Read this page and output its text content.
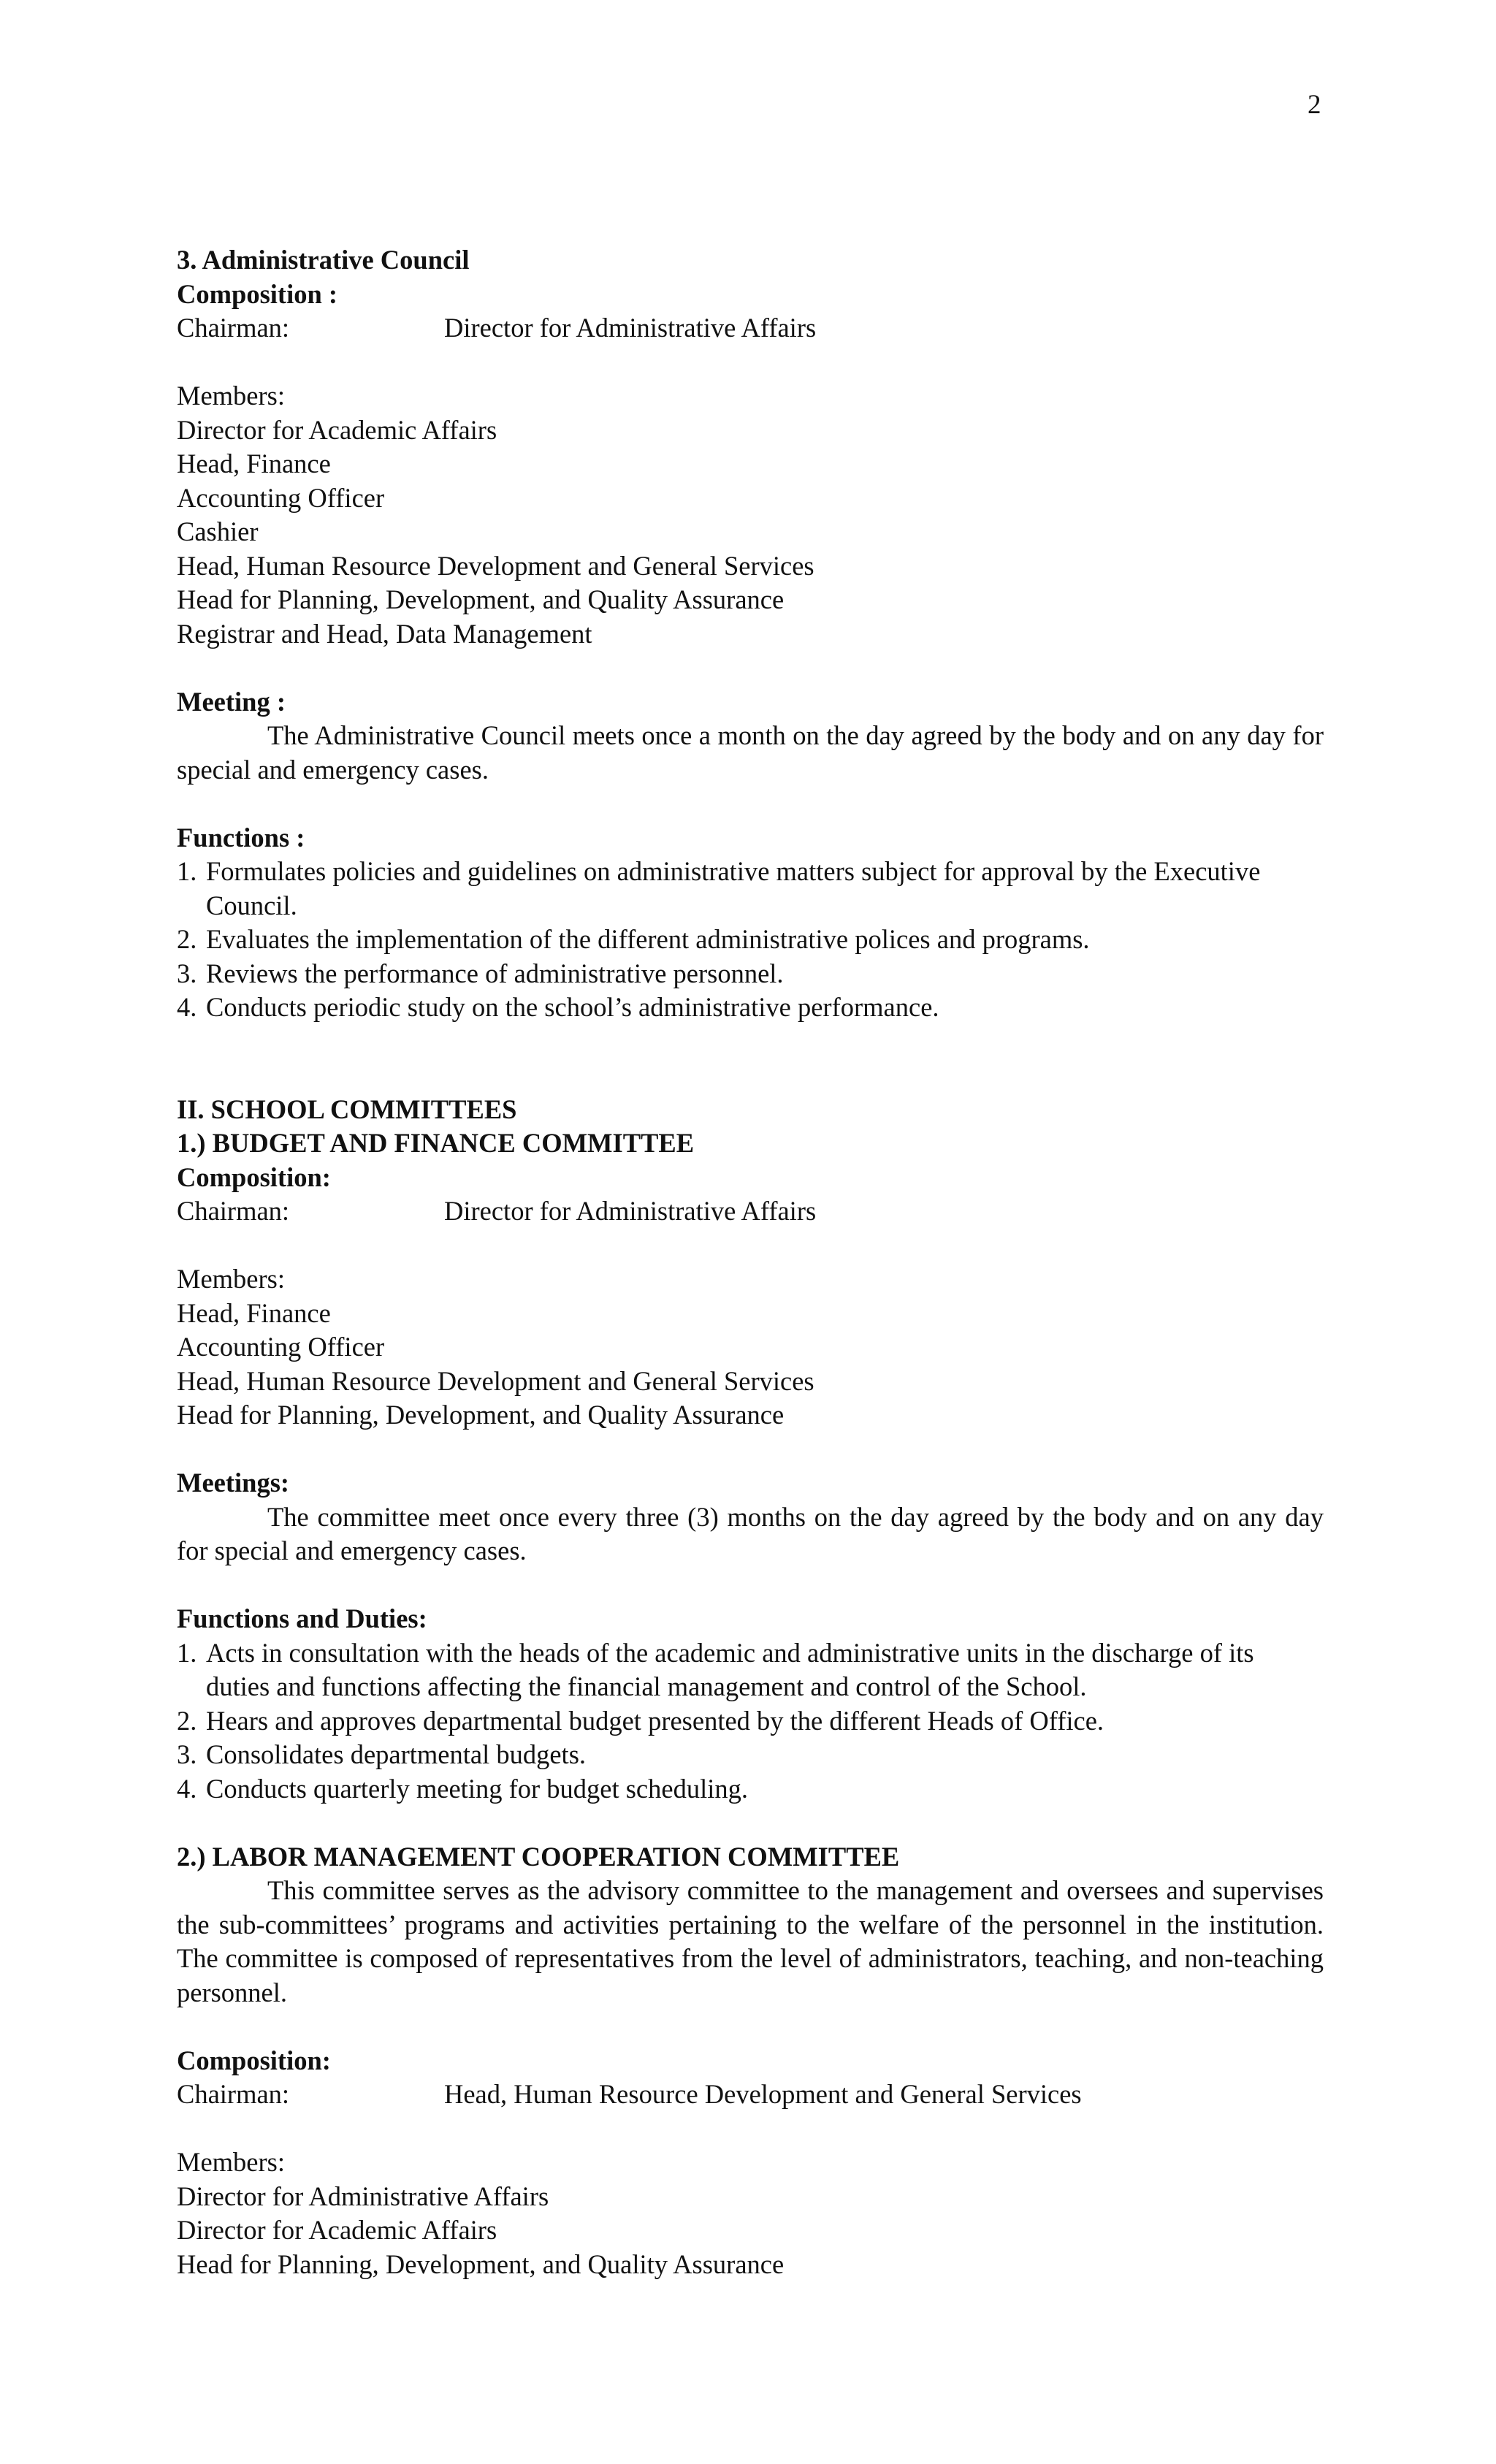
2
3. Administrative Council
Composition :
Chairman:	Director for Administrative Affairs
Members:
Director for Academic Affairs
Head, Finance
Accounting Officer
Cashier
Head, Human Resource Development and General Services
Head for Planning, Development, and Quality Assurance
Registrar and Head, Data Management
Meeting :

The Administrative Council meets once a month on the day agreed by the body and on any day for special and emergency cases.

Functions :
1. Formulates policies and guidelines on administrative matters subject for approval by the Executive Council.
2. Evaluates the implementation of the different administrative polices and programs.
3. Reviews the performance of administrative personnel.
4. Conducts periodic study on the school’s administrative performance.
II. SCHOOL COMMITTEES
1.) BUDGET AND FINANCE COMMITTEE
Composition:
Chairman:	Director for Administrative Affairs
Members:
Head, Finance
Accounting Officer
Head, Human Resource Development and General Services
Head for Planning, Development, and Quality Assurance
Meetings:

The committee meet once every three (3) months on the day agreed by the body and on any day for special and emergency cases.

Functions and Duties:
1. Acts in consultation with the heads of the academic and administrative units in the discharge of its duties and functions affecting the financial management and control of the School.
2. Hears and approves departmental budget presented by the different Heads of Office.
3. Consolidates departmental budgets.
4. Conducts quarterly meeting for budget scheduling.
2.) LABOR MANAGEMENT COOPERATION COMMITTEE

This committee serves as the advisory committee to the management and oversees and supervises the sub-committees’ programs and activities pertaining to the welfare of the personnel in the institution. The committee is composed of representatives from the level of administrators, teaching, and non-teaching personnel.

Composition:
Chairman:	Head, Human Resource Development and General Services
Members:
Director for Administrative Affairs
Director for Academic Affairs
Head for Planning, Development, and Quality Assurance
